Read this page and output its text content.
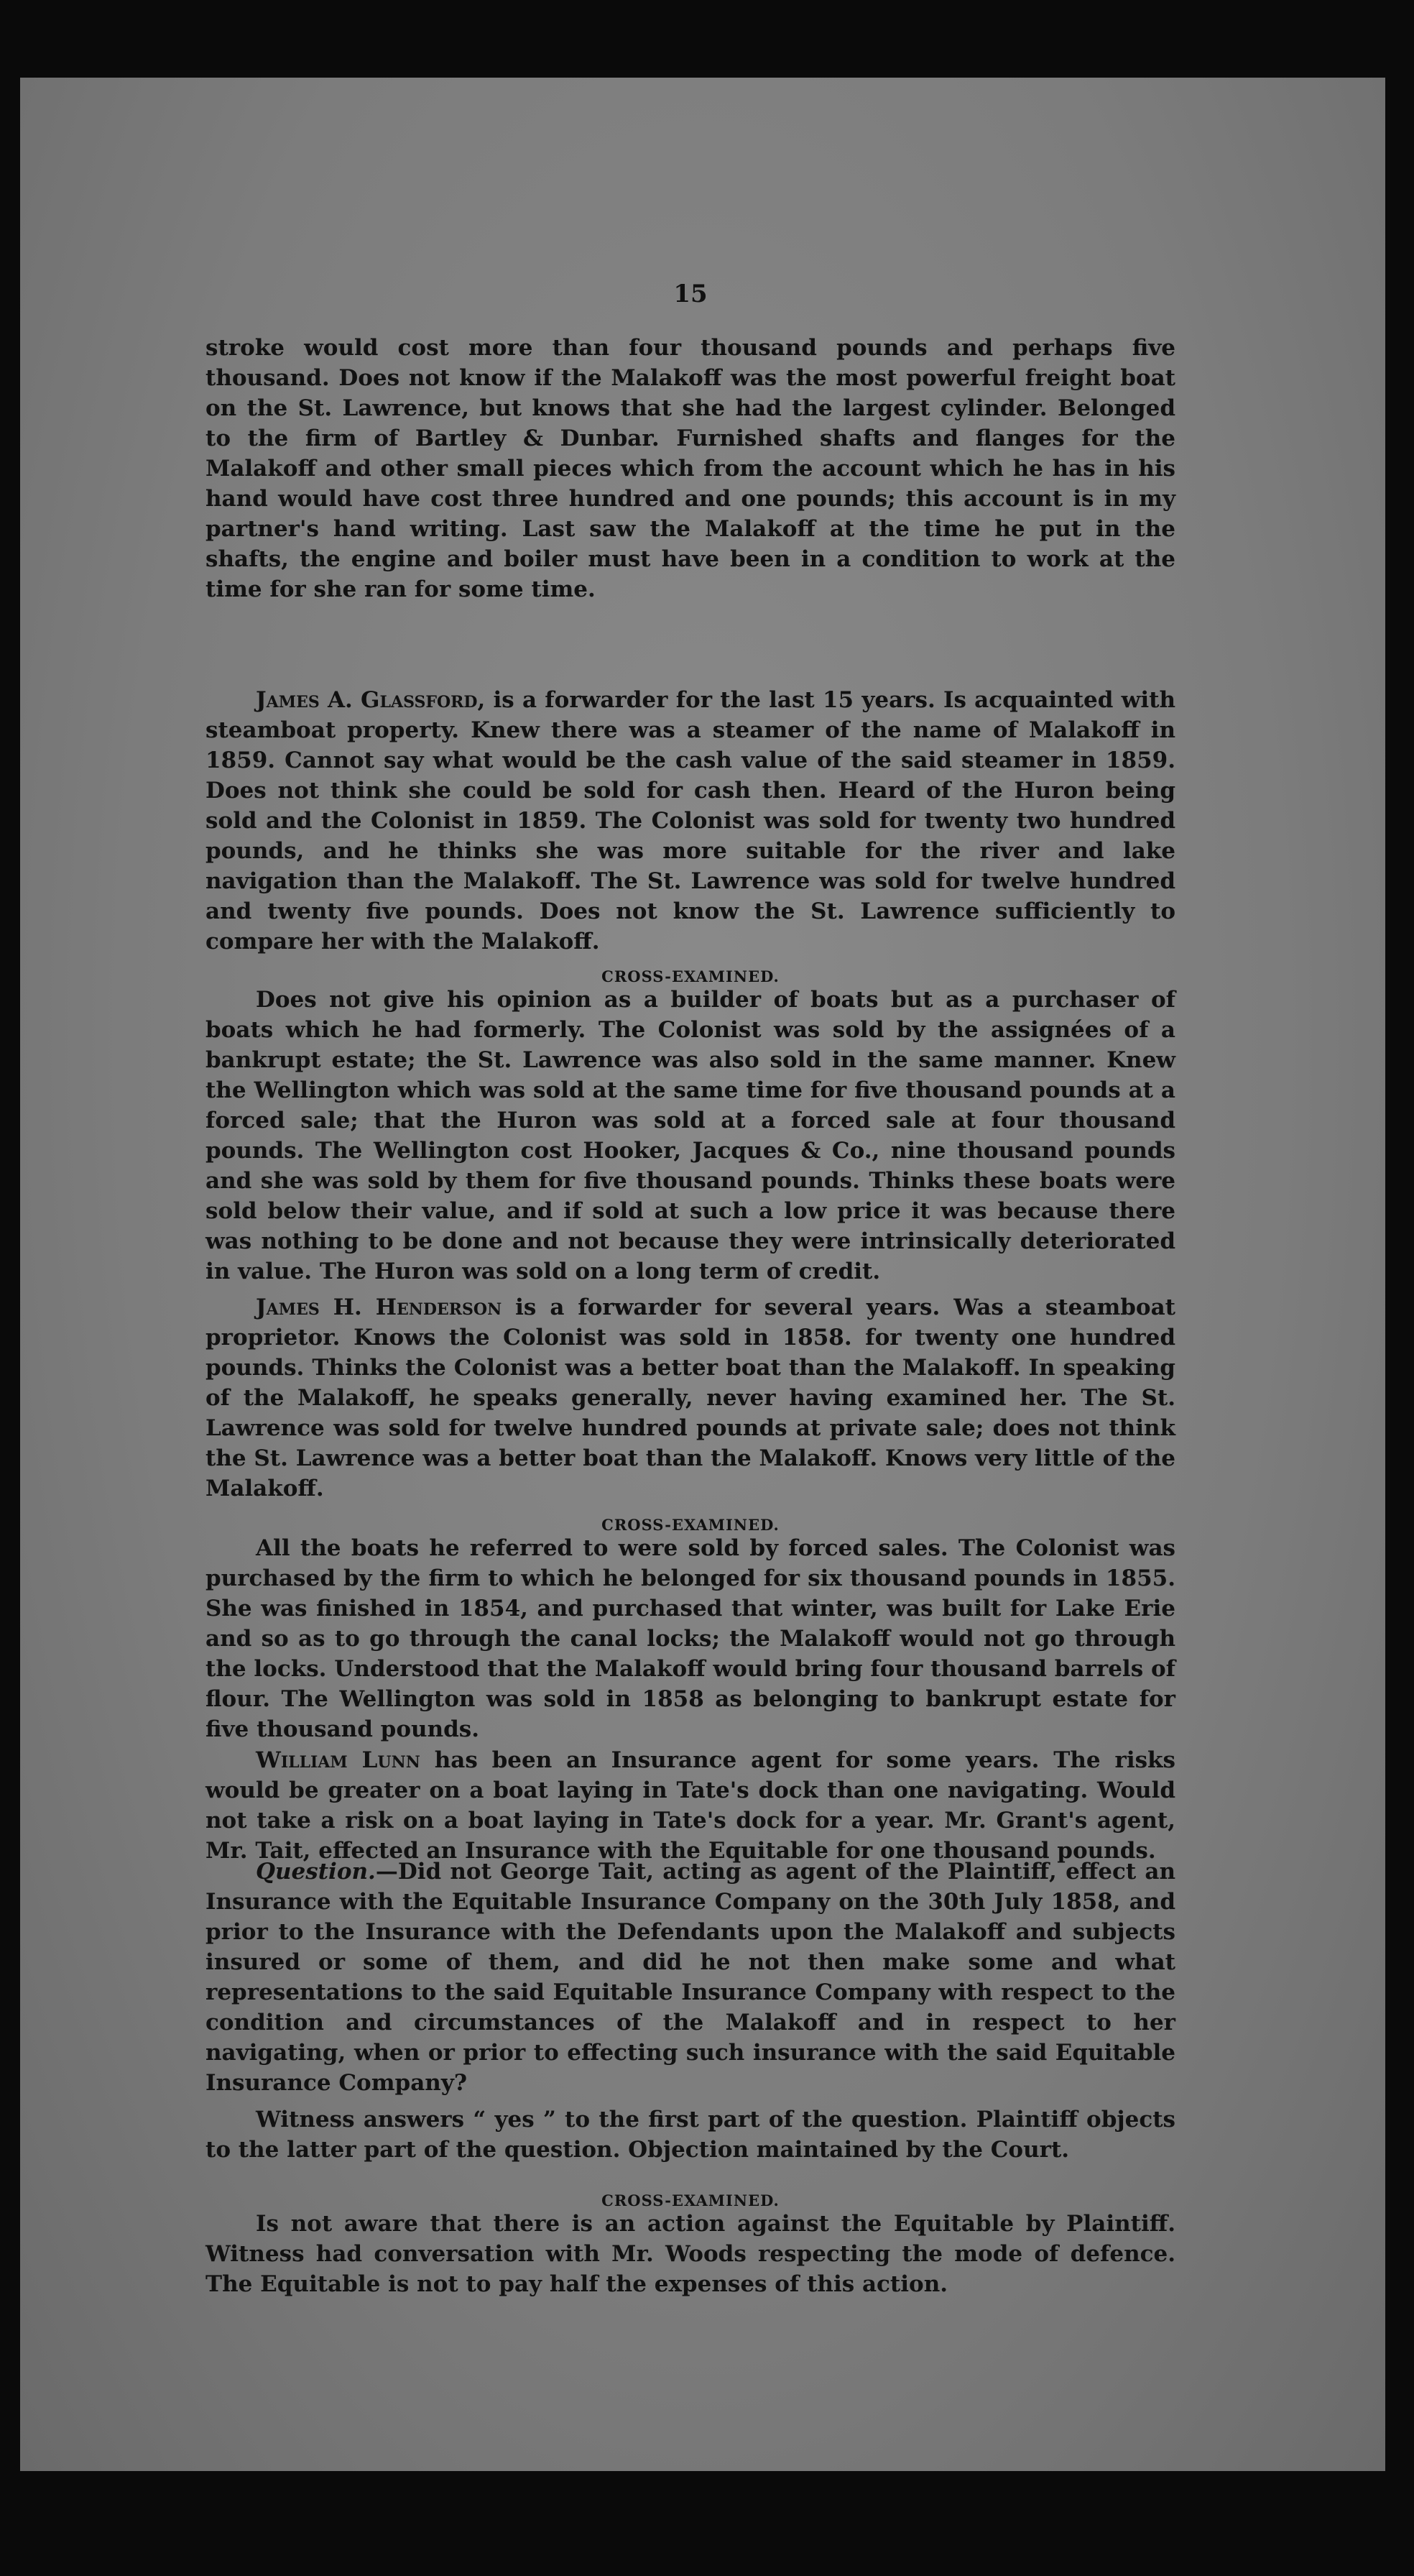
15

stroke would cost more than four thousand pounds and perhaps five thousand. Does not know if the Malakoff was the most powerful freight boat on the St. Lawrence, but knows that she had the largest cylinder. Belonged to the firm of Bartley & Dunbar. Furnished shafts and flanges for the Malakoff and other small pieces which from the account which he has in his hand would have cost three hundred and one pounds; this account is in my partner's hand writing. Last saw the Malakoff at the time he put in the shafts, the engine and boiler must have been in a condition to work at the time for she ran for some time.

James A. Glassford, is a forwarder for the last 15 years. Is acquainted with steamboat property. Knew there was a steamer of the name of Malakoff in 1859. Cannot say what would be the cash value of the said steamer in 1859. Does not think she could be sold for cash then. Heard of the Huron being sold and the Colonist in 1859. The Colonist was sold for twenty two hundred pounds, and he thinks she was more suitable for the river and lake navigation than the Malakoff. The St. Lawrence was sold for twelve hundred and twenty five pounds. Does not know the St. Lawrence sufficiently to compare her with the Malakoff.

CROSS-EXAMINED.

Does not give his opinion as a builder of boats but as a purchaser of boats which he had formerly. The Colonist was sold by the assignées of a bankrupt estate; the St. Lawrence was also sold in the same manner. Knew the Wellington which was sold at the same time for five thousand pounds at a forced sale; that the Huron was sold at a forced sale at four thousand pounds. The Wellington cost Hooker, Jacques & Co., nine thousand pounds and she was sold by them for five thousand pounds. Thinks these boats were sold below their value, and if sold at such a low price it was because there was nothing to be done and not because they were intrinsically deteriorated in value. The Huron was sold on a long term of credit.

James H. Henderson is a forwarder for several years. Was a steamboat proprietor. Knows the Colonist was sold in 1858. for twenty one hundred pounds. Thinks the Colonist was a better boat than the Malakoff. In speaking of the Malakoff, he speaks generally, never having examined her. The St. Lawrence was sold for twelve hundred pounds at private sale; does not think the St. Lawrence was a better boat than the Malakoff. Knows very little of the Malakoff.

CROSS-EXAMINED.

All the boats he referred to were sold by forced sales. The Colonist was purchased by the firm to which he belonged for six thousand pounds in 1855. She was finished in 1854, and purchased that winter, was built for Lake Erie and so as to go through the canal locks; the Malakoff would not go through the locks. Understood that the Malakoff would bring four thousand barrels of flour. The Wellington was sold in 1858 as belonging to bankrupt estate for five thousand pounds.

William Lunn has been an Insurance agent for some years. The risks would be greater on a boat laying in Tate's dock than one navigating. Would not take a risk on a boat laying in Tate's dock for a year. Mr. Grant's agent, Mr. Tait, effected an Insurance with the Equitable for one thousand pounds.

Question.—Did not George Tait, acting as agent of the Plaintiff, effect an Insurance with the Equitable Insurance Company on the 30th July 1858, and prior to the Insurance with the Defendants upon the Malakoff and subjects insured or some of them, and did he not then make some and what representations to the said Equitable Insurance Company with respect to the condition and circumstances of the Malakoff and in respect to her navigating, when or prior to effecting such insurance with the said Equitable Insurance Company?

Witness answers “ yes ” to the first part of the question. Plaintiff objects to the latter part of the question. Objection maintained by the Court.

CROSS-EXAMINED.

Is not aware that there is an action against the Equitable by Plaintiff. Witness had conversation with Mr. Woods respecting the mode of defence. The Equitable is not to pay half the expenses of this action.
